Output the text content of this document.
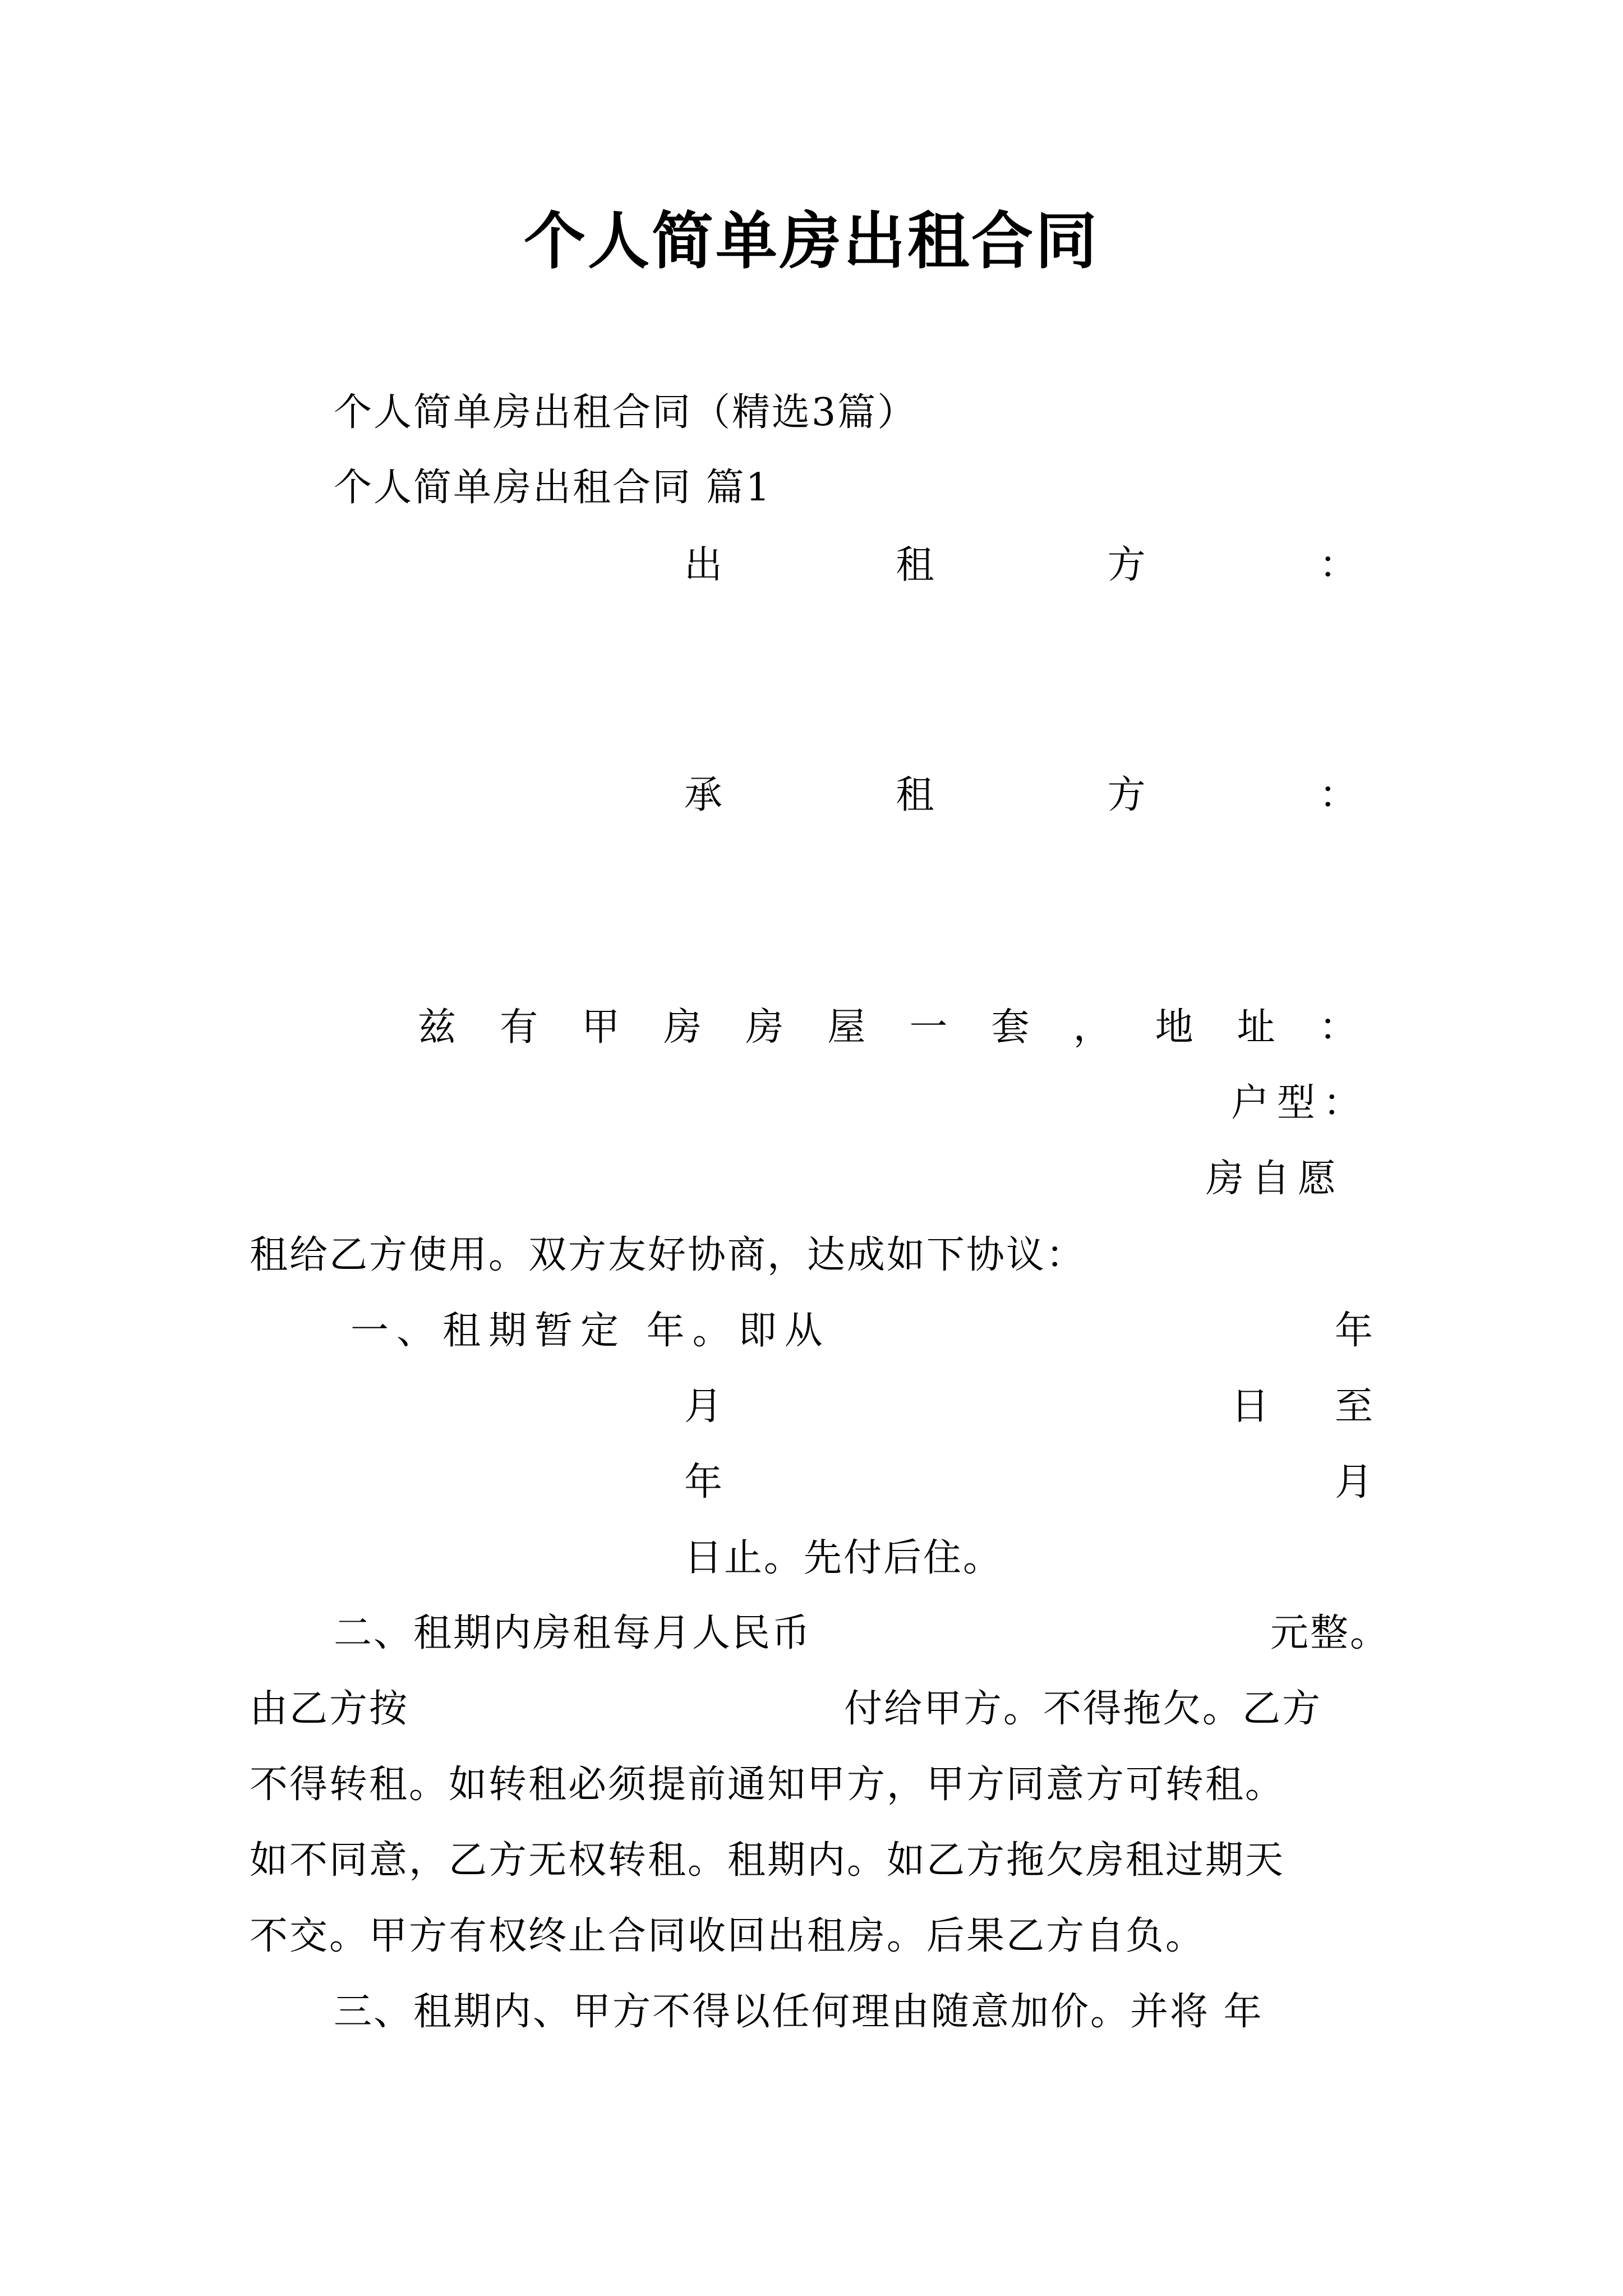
个人简单房出租合同
个人简单房出租合同（精选3篇）
个人简单房出租合同 篇1
出	租	方	：
承	租	方	：
兹 有 甲 房 房 屋 一 套 ， 地 址 ：
户型：
房自愿
租给乙方使用。双方友好协商，达成如下协议：
一、租期暂定 年。即从	年
月	日 至
年	月
日止。先付后住。
二、租期内房租每月人民币	元整。
由乙方按	付给甲方。不得拖欠。乙方
不得转租。如转租必须提前通知甲方，甲方同意方可转租。
如不同意，乙方无权转租。租期内。如乙方拖欠房租过期天
不交。甲方有权终止合同收回出租房。后果乙方自负。
三、租期内、甲方不得以任何理由随意加价。并将 年
